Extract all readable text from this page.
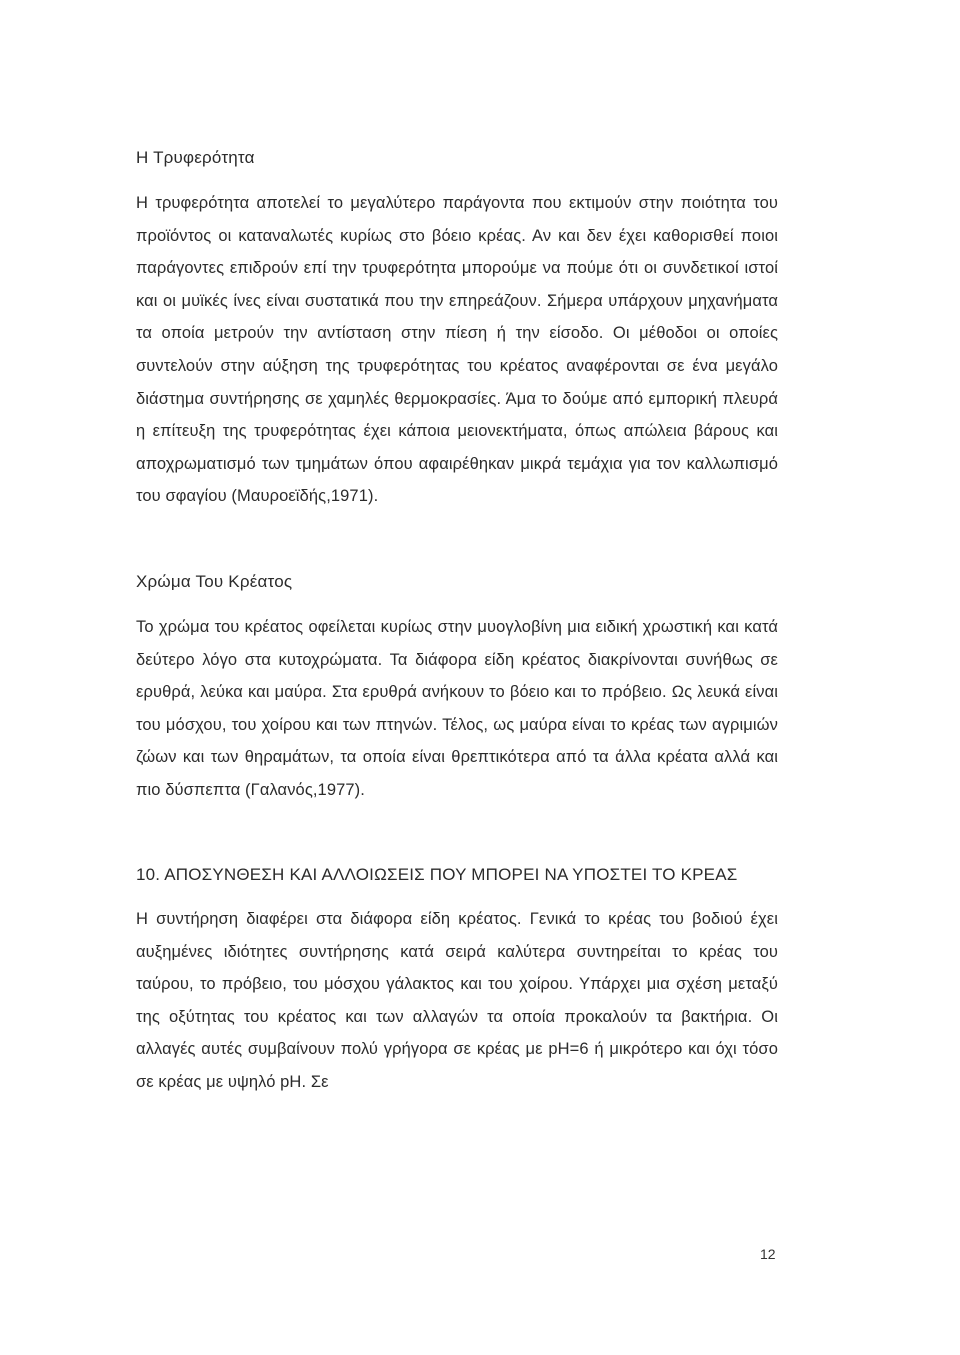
Η Τρυφερότητα

Η τρυφερότητα αποτελεί το μεγαλύτερο παράγοντα που εκτιμούν στην ποιότητα του προϊόντος οι καταναλωτές κυρίως στο βόειο κρέας. Αν και δεν έχει καθορισθεί ποιοι παράγοντες επιδρούν επί την τρυφερότητα μπορούμε να πούμε ότι οι συνδετικοί ιστοί και οι μυϊκές ίνες είναι συστατικά που την επηρεάζουν. Σήμερα υπάρχουν μηχανήματα τα οποία μετρούν την αντίσταση στην πίεση ή την είσοδο. Οι μέθοδοι οι οποίες συντελούν στην αύξηση της τρυφερότητας του κρέατος αναφέρονται σε ένα μεγάλο διάστημα συντήρησης σε χαμηλές θερμοκρασίες. Άμα το δούμε από εμπορική πλευρά η επίτευξη της τρυφερότητας έχει κάποια μειονεκτήματα, όπως απώλεια βάρους και αποχρωματισμό των τμημάτων όπου αφαιρέθηκαν μικρά τεμάχια για τον καλλωπισμό του σφαγίου (Μαυροεϊδής,1971).

Χρώμα Του Κρέατος

Το χρώμα του κρέατος οφείλεται κυρίως στην μυογλοβίνη μια ειδική χρωστική και κατά δεύτερο λόγο στα κυτοχρώματα. Τα διάφορα είδη κρέατος διακρίνονται συνήθως σε ερυθρά, λεύκα και μαύρα. Στα ερυθρά ανήκουν το βόειο και το πρόβειο. Ως λευκά είναι του μόσχου, του χοίρου και των πτηνών. Τέλος, ως μαύρα είναι το κρέας των αγριμιών ζώων και των θηραμάτων, τα οποία είναι θρεπτικότερα από τα άλλα κρέατα αλλά και πιο δύσπεπτα (Γαλανός,1977).

10. ΑΠΟΣΥΝΘΕΣΗ ΚΑΙ ΑΛΛΟΙΩΣΕΙΣ ΠΟΥ ΜΠΟΡΕΙ ΝΑ ΥΠΟΣΤΕΙ ΤΟ ΚΡΕΑΣ

Η συντήρηση διαφέρει στα διάφορα είδη κρέατος. Γενικά το κρέας του βοδιού έχει αυξημένες ιδιότητες συντήρησης κατά σειρά καλύτερα συντηρείται το κρέας του ταύρου, το πρόβειο, του μόσχου γάλακτος και του χοίρου. Υπάρχει μια σχέση μεταξύ της οξύτητας του κρέατος και των αλλαγών τα οποία προκαλούν τα βακτήρια. Οι αλλαγές αυτές συμβαίνουν πολύ γρήγορα σε κρέας με pH=6 ή μικρότερο και όχι τόσο σε κρέας με υψηλό pH. Σε

12
